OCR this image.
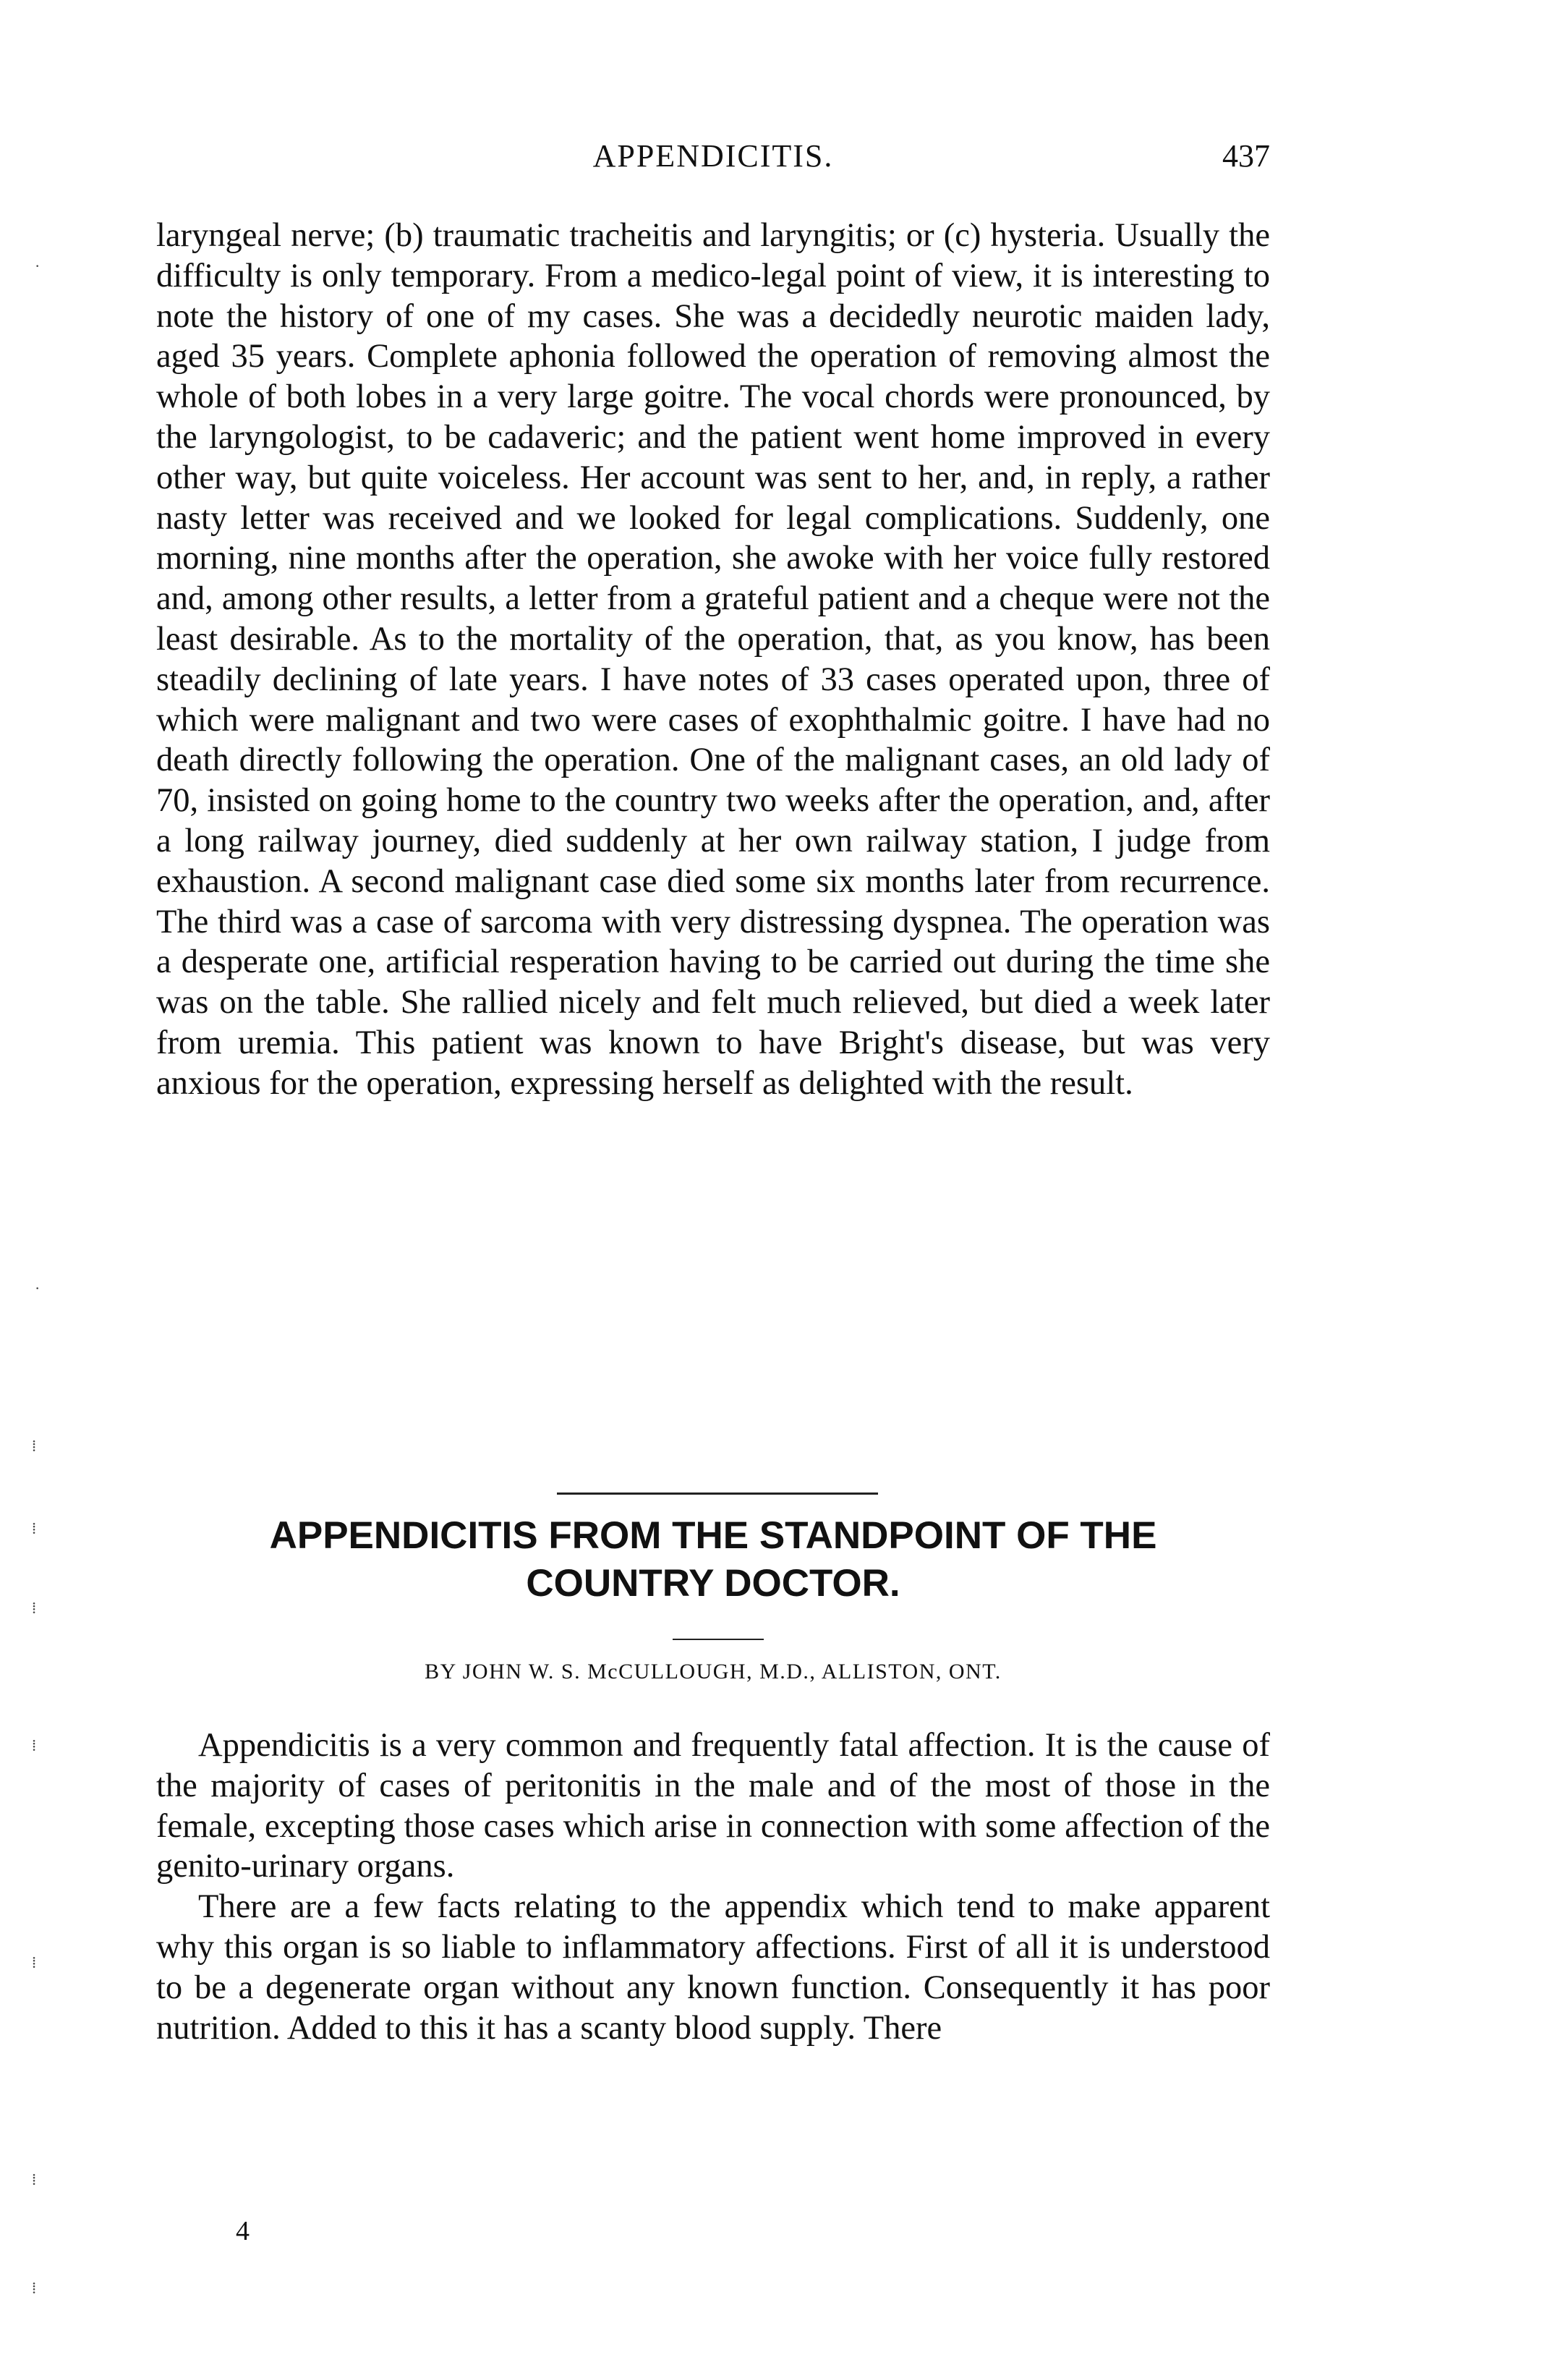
APPENDICITIS.	437

laryngeal nerve; (b) traumatic tracheitis and laryngitis; or (c) hysteria. Usually the difficulty is only temporary. From a medico-legal point of view, it is interesting to note the history of one of my cases. She was a decidedly neurotic maiden lady, aged 35 years. Complete aphonia followed the operation of removing almost the whole of both lobes in a very large goitre. The vocal chords were pronounced, by the laryngologist, to be cadaveric; and the patient went home improved in every other way, but quite voiceless. Her account was sent to her, and, in reply, a rather nasty letter was received and we looked for legal complications. Suddenly, one morning, nine months after the operation, she awoke with her voice fully restored and, among other results, a letter from a grateful patient and a cheque were not the least desirable. As to the mortality of the operation, that, as you know, has been steadily declining of late years. I have notes of 33 cases operated upon, three of which were malignant and two were cases of exophthalmic goitre. I have had no death directly following the operation. One of the malignant cases, an old lady of 70, insisted on going home to the country two weeks after the operation, and, after a long railway journey, died suddenly at her own railway station, I judge from exhaustion. A second malignant case died some six months later from recurrence. The third was a case of sarcoma with very distressing dyspnea. The operation was a desperate one, artificial resperation having to be carried out during the time she was on the table. She rallied nicely and felt much relieved, but died a week later from uremia. This patient was known to have Bright's disease, but was very anxious for the operation, expressing herself as delighted with the result.

APPENDICITIS FROM THE STANDPOINT OF THE
COUNTRY DOCTOR.
BY JOHN W. S. McCULLOUGH, M.D., ALLISTON, ONT.

Appendicitis is a very common and frequently fatal affection. It is the cause of the majority of cases of peritonitis in the male and of the most of those in the female, excepting those cases which arise in connection with some affection of the genito-urinary organs.

There are a few facts relating to the appendix which tend to make apparent why this organ is so liable to inflammatory affections. First of all it is understood to be a degenerate organ without any known function. Consequently it has poor nutrition. Added to this it has a scanty blood supply. There

4
·
·
⁞
⁞
⁞
⁞
⁞
⁞
⁞
